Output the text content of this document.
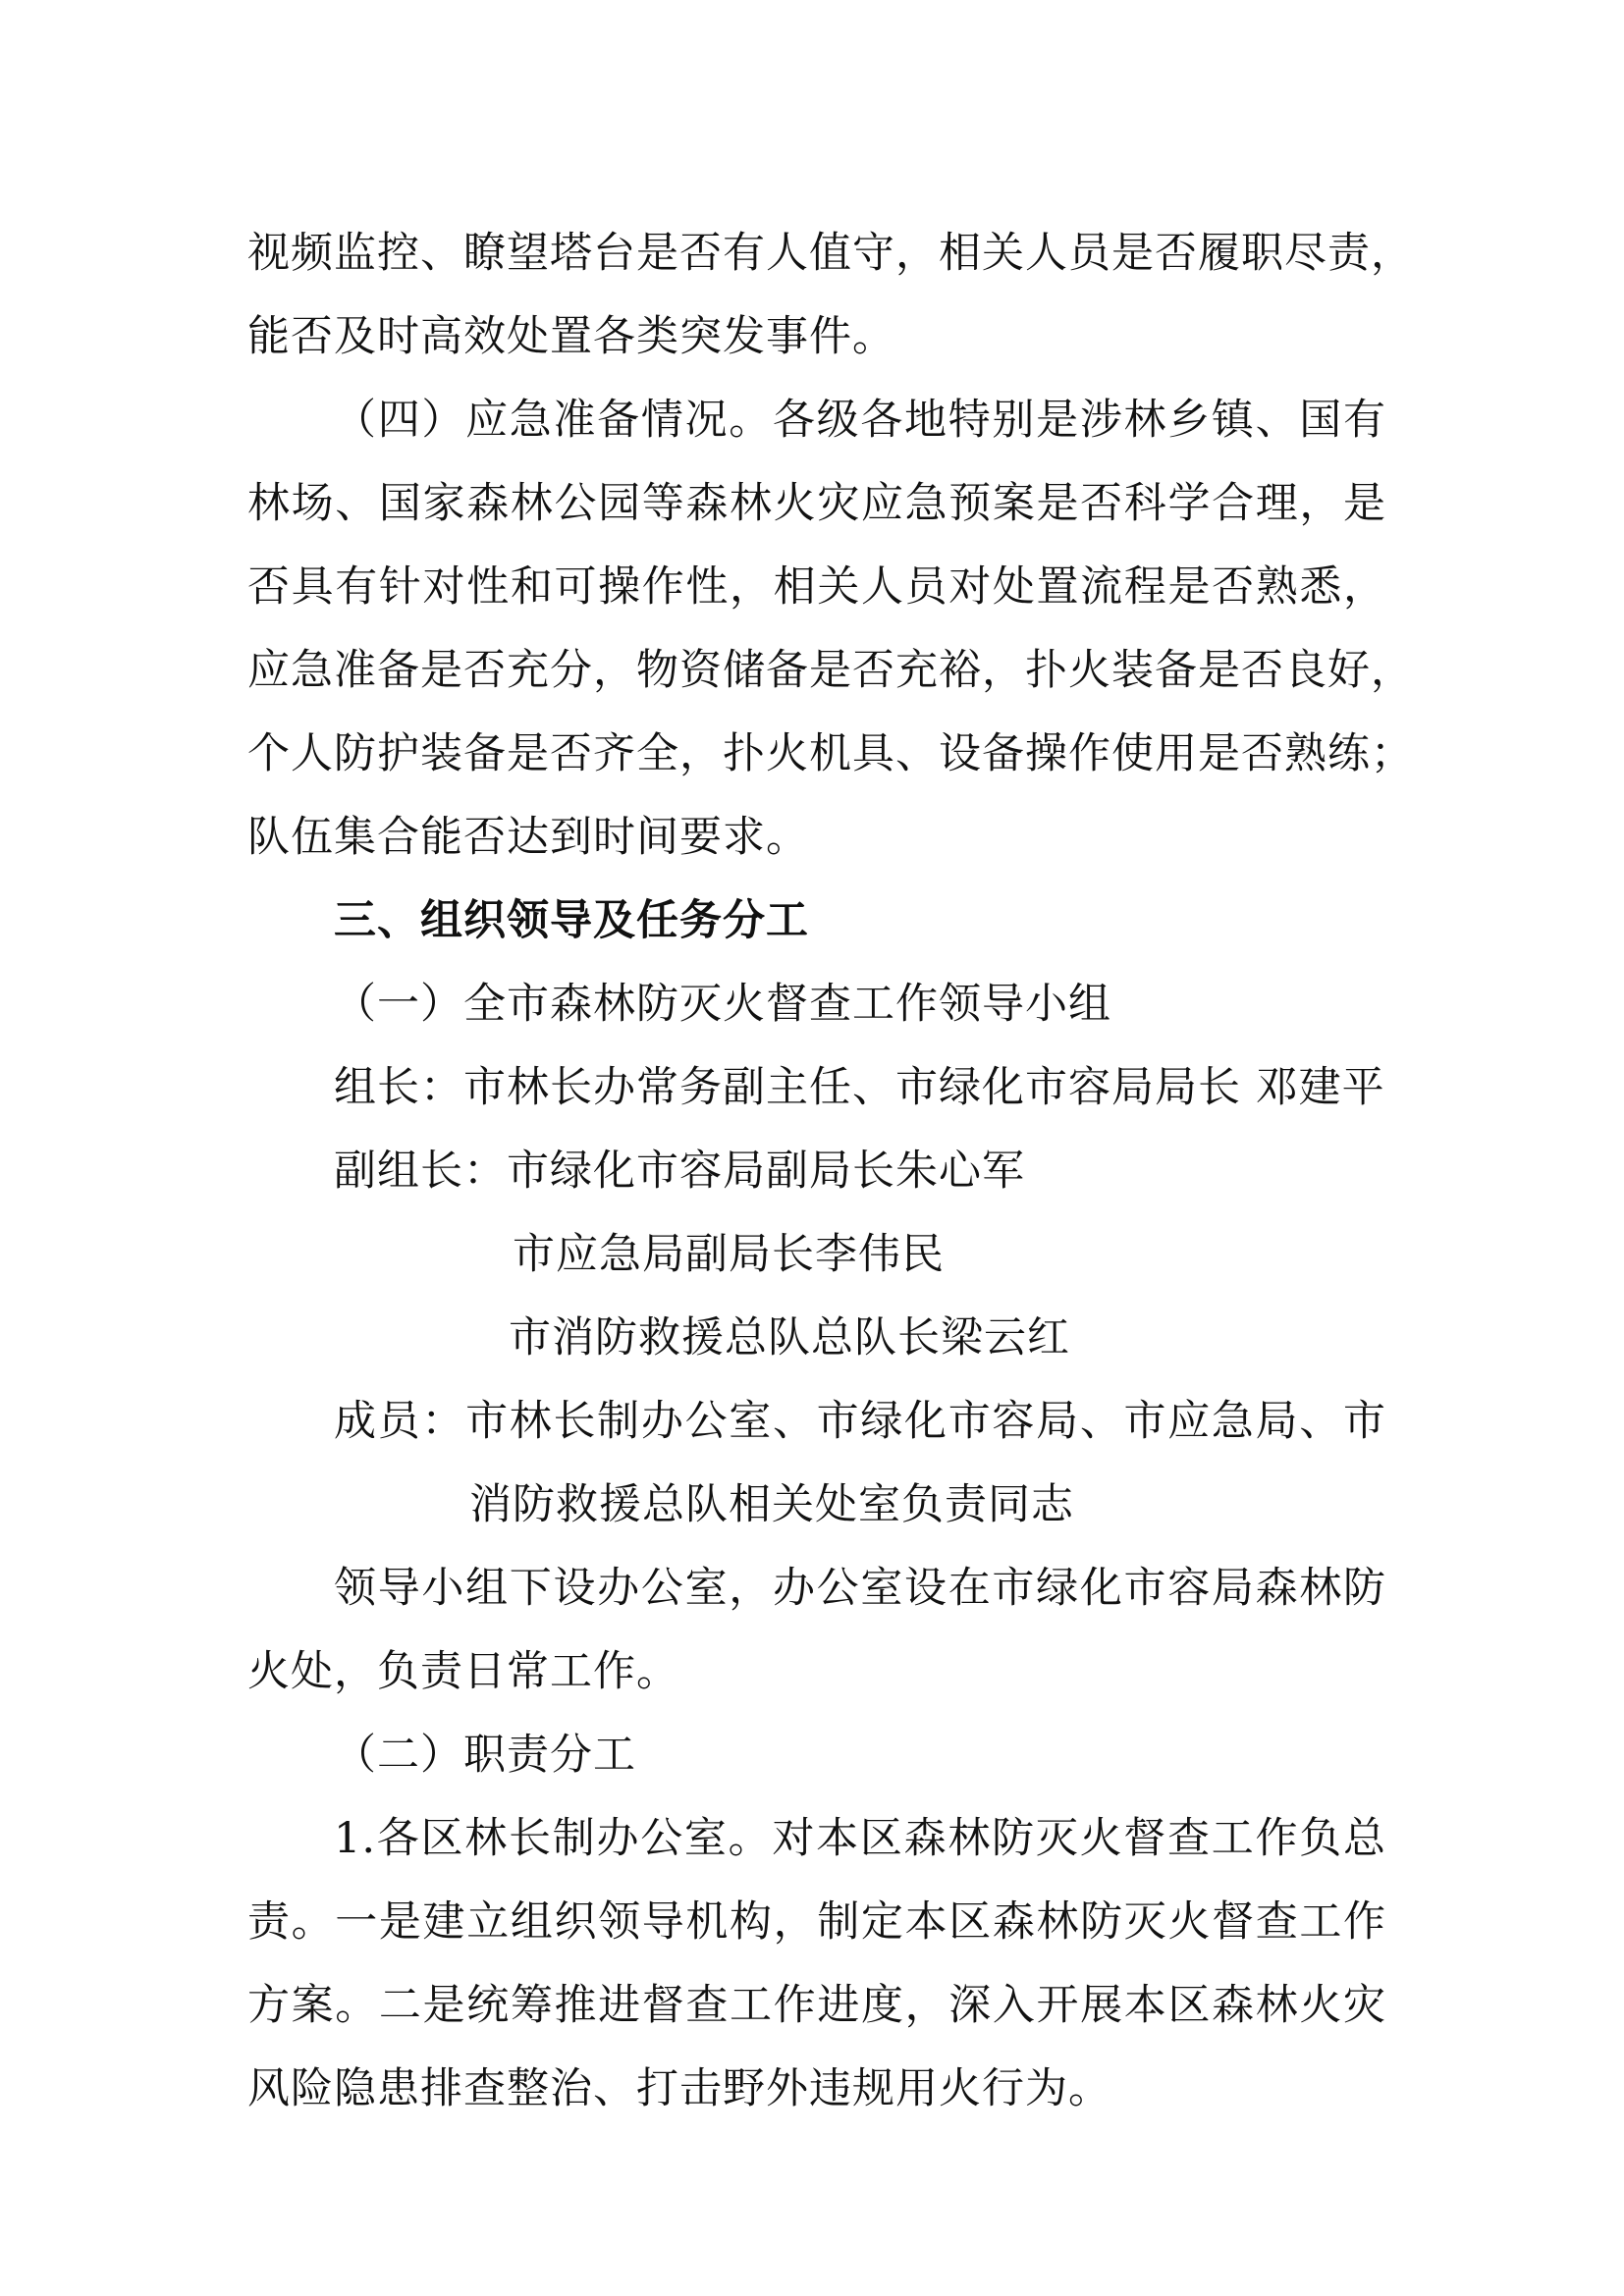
视频监控、瞭望塔台是否有人值守，相关人员是否履职尽责，
能否及时高效处置各类突发事件。
（四）应急准备情况。各级各地特别是涉林乡镇、国有
林场、国家森林公园等森林火灾应急预案是否科学合理，是
否具有针对性和可操作性，相关人员对处置流程是否熟悉，
应急准备是否充分，物资储备是否充裕，扑火装备是否良好，
个人防护装备是否齐全，扑火机具、设备操作使用是否熟练；
队伍集合能否达到时间要求。
三、组织领导及任务分工
（一）全市森林防灭火督查工作领导小组
组长：市林长办常务副主任、市绿化市容局局长 邓建平
副组长：市绿化市容局副局长朱心军
市应急局副局长李伟民
市消防救援总队总队长梁云红
成员：市林长制办公室、市绿化市容局、市应急局、市
消防救援总队相关处室负责同志
领导小组下设办公室，办公室设在市绿化市容局森林防
火处，负责日常工作。
（二）职责分工
1.各区林长制办公室。对本区森林防灭火督查工作负总
责。一是建立组织领导机构，制定本区森林防灭火督查工作
方案。二是统筹推进督查工作进度，深入开展本区森林火灾
风险隐患排查整治、打击野外违规用火行为。
